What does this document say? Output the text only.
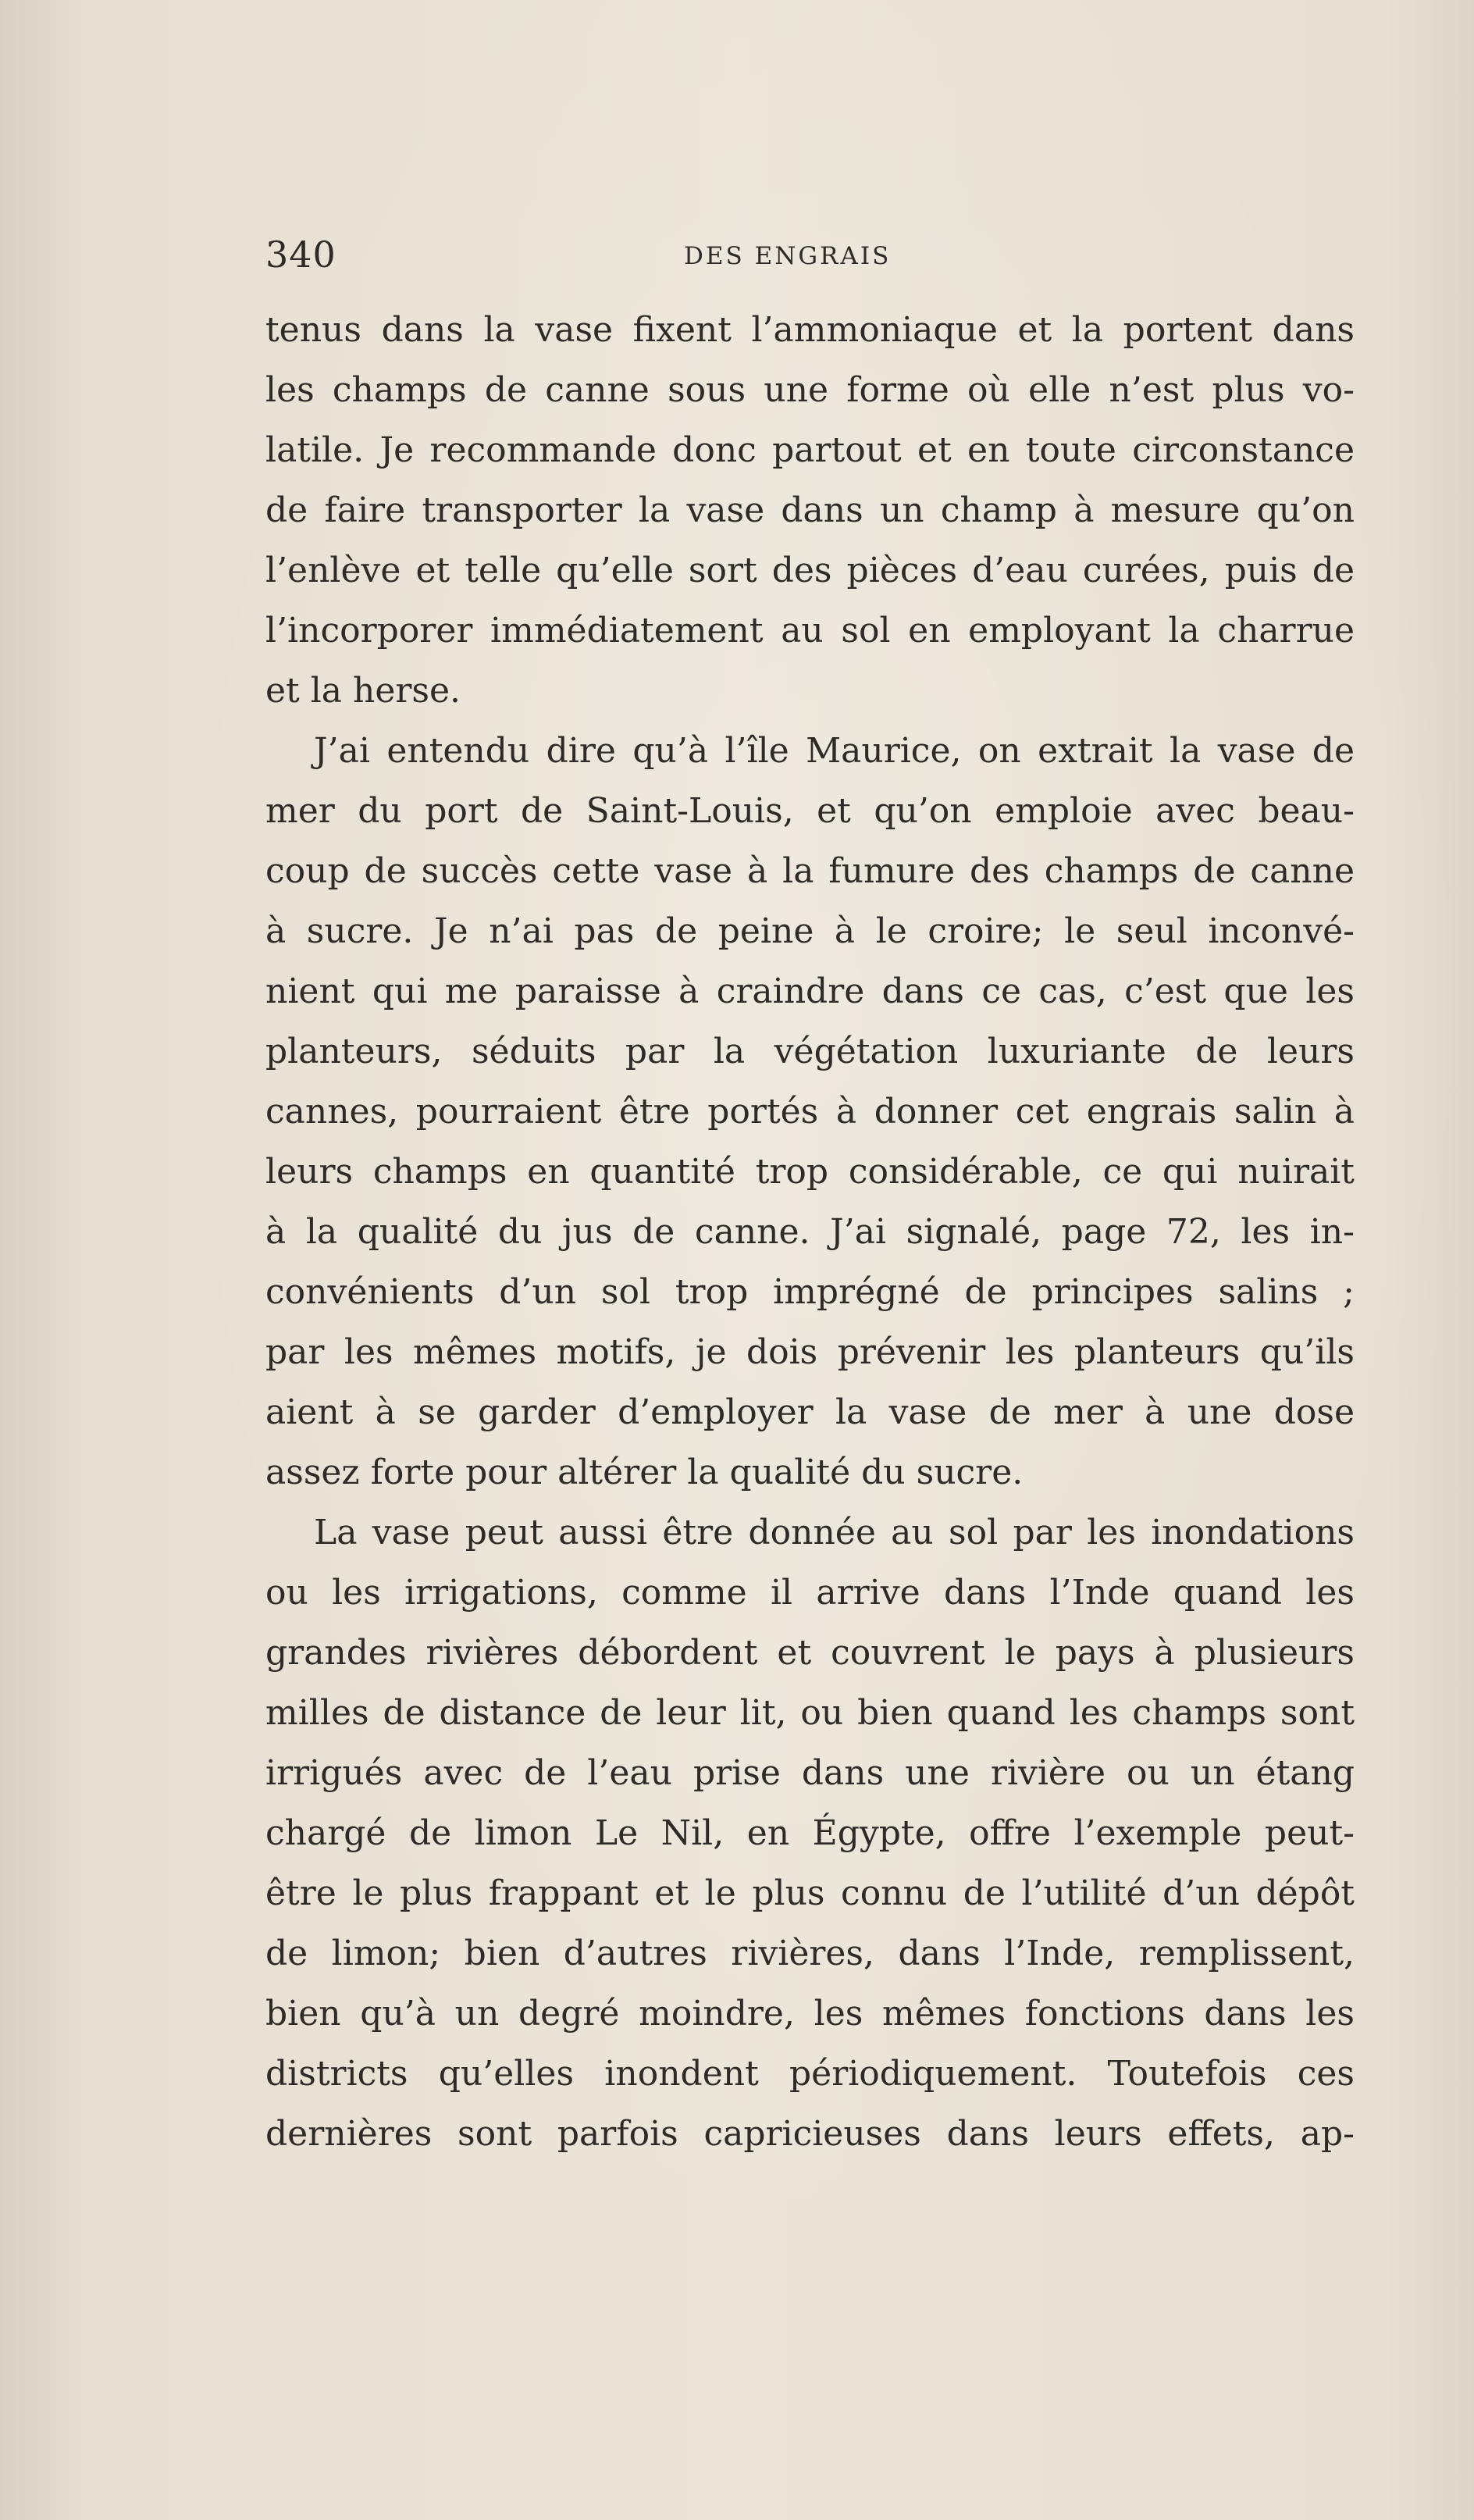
340	DES ENGRAIS
tenus dans la vase fixent l’ammoniaque et la portent dans
les champs de canne sous une forme où elle n’est plus vo-
latile. Je recommande donc partout et en toute circonstance
de faire transporter la vase dans un champ à mesure qu’on
l’enlève et telle qu’elle sort des pièces d’eau curées, puis de
l’incorporer immédiatement au sol en employant la charrue
et la herse.
J’ai entendu dire qu’à l’île Maurice, on extrait la vase de
mer du port de Saint-Louis, et qu’on emploie avec beau-
coup de succès cette vase à la fumure des champs de canne
à sucre. Je n’ai pas de peine à le croire; le seul inconvé-
nient qui me paraisse à craindre dans ce cas, c’est que les
planteurs, séduits par la végétation luxuriante de leurs
cannes, pourraient être portés à donner cet engrais salin à
leurs champs en quantité trop considérable, ce qui nuirait
à la qualité du jus de canne. J’ai signalé, page 72, les in-
convénients d’un sol trop imprégné de principes salins ;
par les mêmes motifs, je dois prévenir les planteurs qu’ils
aient à se garder d’employer la vase de mer à une dose
assez forte pour altérer la qualité du sucre.
La vase peut aussi être donnée au sol par les inondations
ou les irrigations, comme il arrive dans l’Inde quand les
grandes rivières débordent et couvrent le pays à plusieurs
milles de distance de leur lit, ou bien quand les champs sont
irrigués avec de l’eau prise dans une rivière ou un étang
chargé de limon Le Nil, en Égypte, offre l’exemple peut-
être le plus frappant et le plus connu de l’utilité d’un dépôt
de limon; bien d’autres rivières, dans l’Inde, remplissent,
bien qu’à un degré moindre, les mêmes fonctions dans les
districts qu’elles inondent périodiquement. Toutefois ces
dernières sont parfois capricieuses dans leurs effets, ap-
